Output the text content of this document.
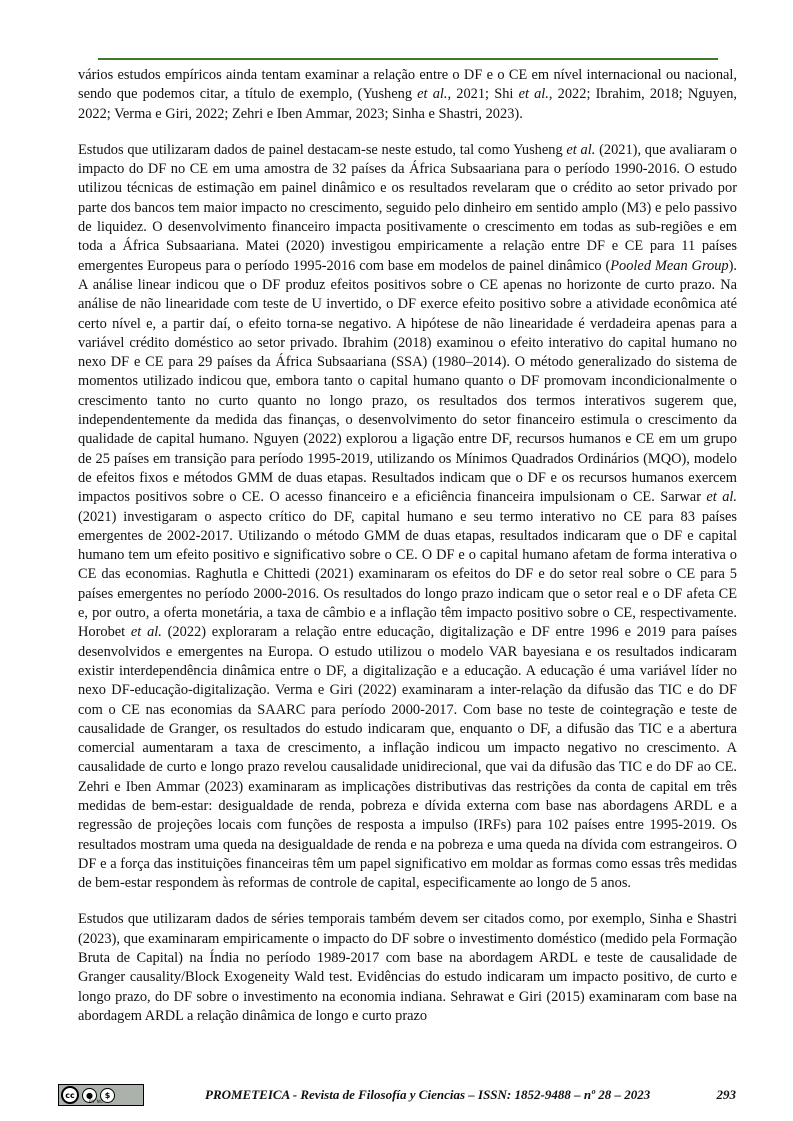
vários estudos empíricos ainda tentam examinar a relação entre o DF e o CE em nível internacional ou nacional, sendo que podemos citar, a título de exemplo, (Yusheng et al., 2021; Shi et al., 2022; Ibrahim, 2018; Nguyen, 2022; Verma e Giri, 2022; Zehri e Iben Ammar, 2023; Sinha e Shastri, 2023).

Estudos que utilizaram dados de painel destacam-se neste estudo, tal como Yusheng et al. (2021), que avaliaram o impacto do DF no CE em uma amostra de 32 países da África Subsaariana para o período 1990-2016. O estudo utilizou técnicas de estimação em painel dinâmico e os resultados revelaram que o crédito ao setor privado por parte dos bancos tem maior impacto no crescimento, seguido pelo dinheiro em sentido amplo (M3) e pelo passivo de liquidez. O desenvolvimento financeiro impacta positivamente o crescimento em todas as sub-regiões e em toda a África Subsaariana. Matei (2020) investigou empiricamente a relação entre DF e CE para 11 países emergentes Europeus para o período 1995-2016 com base em modelos de painel dinâmico (Pooled Mean Group). A análise linear indicou que o DF produz efeitos positivos sobre o CE apenas no horizonte de curto prazo. Na análise de não linearidade com teste de U invertido, o DF exerce efeito positivo sobre a atividade econômica até certo nível e, a partir daí, o efeito torna-se negativo. A hipótese de não linearidade é verdadeira apenas para a variável crédito doméstico ao setor privado. Ibrahim (2018) examinou o efeito interativo do capital humano no nexo DF e CE para 29 países da África Subsaariana (SSA) (1980–2014). O método generalizado do sistema de momentos utilizado indicou que, embora tanto o capital humano quanto o DF promovam incondicionalmente o crescimento tanto no curto quanto no longo prazo, os resultados dos termos interativos sugerem que, independentemente da medida das finanças, o desenvolvimento do setor financeiro estimula o crescimento da qualidade de capital humano. Nguyen (2022) explorou a ligação entre DF, recursos humanos e CE em um grupo de 25 países em transição para período 1995-2019, utilizando os Mínimos Quadrados Ordinários (MQO), modelo de efeitos fixos e métodos GMM de duas etapas. Resultados indicam que o DF e os recursos humanos exercem impactos positivos sobre o CE. O acesso financeiro e a eficiência financeira impulsionam o CE. Sarwar et al. (2021) investigaram o aspecto crítico do DF, capital humano e seu termo interativo no CE para 83 países emergentes de 2002-2017. Utilizando o método GMM de duas etapas, resultados indicaram que o DF e capital humano tem um efeito positivo e significativo sobre o CE. O DF e o capital humano afetam de forma interativa o CE das economias. Raghutla e Chittedi (2021) examinaram os efeitos do DF e do setor real sobre o CE para 5 países emergentes no período 2000-2016. Os resultados do longo prazo indicam que o setor real e o DF afeta CE e, por outro, a oferta monetária, a taxa de câmbio e a inflação têm impacto positivo sobre o CE, respectivamente. Horobet et al. (2022) exploraram a relação entre educação, digitalização e DF entre 1996 e 2019 para países desenvolvidos e emergentes na Europa. O estudo utilizou o modelo VAR bayesiana e os resultados indicaram existir interdependência dinâmica entre o DF, a digitalização e a educação. A educação é uma variável líder no nexo DF-educação-digitalização. Verma e Giri (2022) examinaram a inter-relação da difusão das TIC e do DF com o CE nas economias da SAARC para período 2000-2017. Com base no teste de cointegração e teste de causalidade de Granger, os resultados do estudo indicaram que, enquanto o DF, a difusão das TIC e a abertura comercial aumentaram a taxa de crescimento, a inflação indicou um impacto negativo no crescimento. A causalidade de curto e longo prazo revelou causalidade unidirecional, que vai da difusão das TIC e do DF ao CE. Zehri e Iben Ammar (2023) examinaram as implicações distributivas das restrições da conta de capital em três medidas de bem-estar: desigualdade de renda, pobreza e dívida externa com base nas abordagens ARDL e a regressão de projeções locais com funções de resposta a impulso (IRFs) para 102 países entre 1995-2019. Os resultados mostram uma queda na desigualdade de renda e na pobreza e uma queda na dívida com estrangeiros. O DF e a força das instituições financeiras têm um papel significativo em moldar as formas como essas três medidas de bem-estar respondem às reformas de controle de capital, especificamente ao longo de 5 anos.

Estudos que utilizaram dados de séries temporais também devem ser citados como, por exemplo, Sinha e Shastri (2023), que examinaram empiricamente o impacto do DF sobre o investimento doméstico (medido pela Formação Bruta de Capital) na Índia no período 1989-2017 com base na abordagem ARDL e teste de causalidade de Granger causality/Block Exogeneity Wald test. Evidências do estudo indicaram um impacto positivo, de curto e longo prazo, do DF sobre o investimento na economia indiana. Sehrawat e Giri (2015) examinaram com base na abordagem ARDL a relação dinâmica de longo e curto prazo

cc	●	$
BY NC	PROMETEICA - Revista de Filosofía y Ciencias – ISSN: 1852-9488 – nº 28 – 2023	293
